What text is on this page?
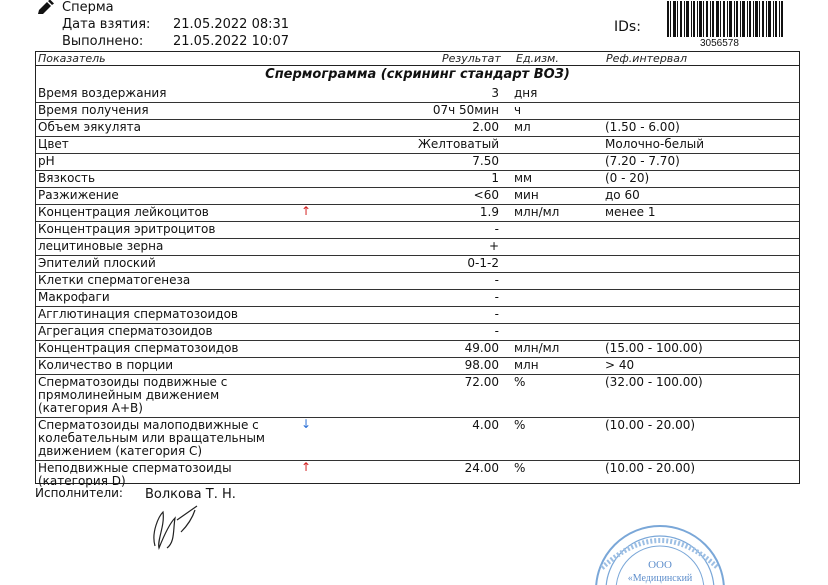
Сперма
Дата взятия: 21.05.2022 08:31
Выполнено: 21.05.2022 10:07
IDs:
3056578
Показатель	Результат Ед.изм.	Реф.интервал
Спермограмма (скрининг стандарт ВОЗ)
Время воздержания	3 дня
Время получения	07ч 50мин ч
Объем эякулята	2.00 мл	(1.50 - 6.00)
Цвет	Желтоватый	Молочно-белый
pH	7.50	(7.20 - 7.70)
Вязкость	1 мм	(0 - 20)
Разжижение	<60 мин	до 60
Концентрация лейкоцитов	↑	1.9 млн/мл	менее 1
Концентрация эритроцитов	-
лецитиновые зерна	+
Эпителий плоский	0-1-2
Клетки сперматогенеза	-
Макрофаги	-
Агглютинация сперматозоидов	-
Агрегация сперматозоидов	-
Концентрация сперматозоидов	49.00 млн/мл	(15.00 - 100.00)
Количество в порции	98.00 млн	> 40
Сперматозоиды подвижные с
прямолинейным движением
(категория А+В)
72.00 %	(32.00 - 100.00)
Сперматозоиды малоподвижные с
колебательным или вращательным
движением (категория С)
↓	4.00 %	(10.00 - 20.00)
Неподвижные сперматозоиды
(категория D)
↑	24.00 %	(10.00 - 20.00)
Исполнители: Волкова Т. Н.
ООО
«Медицинский
